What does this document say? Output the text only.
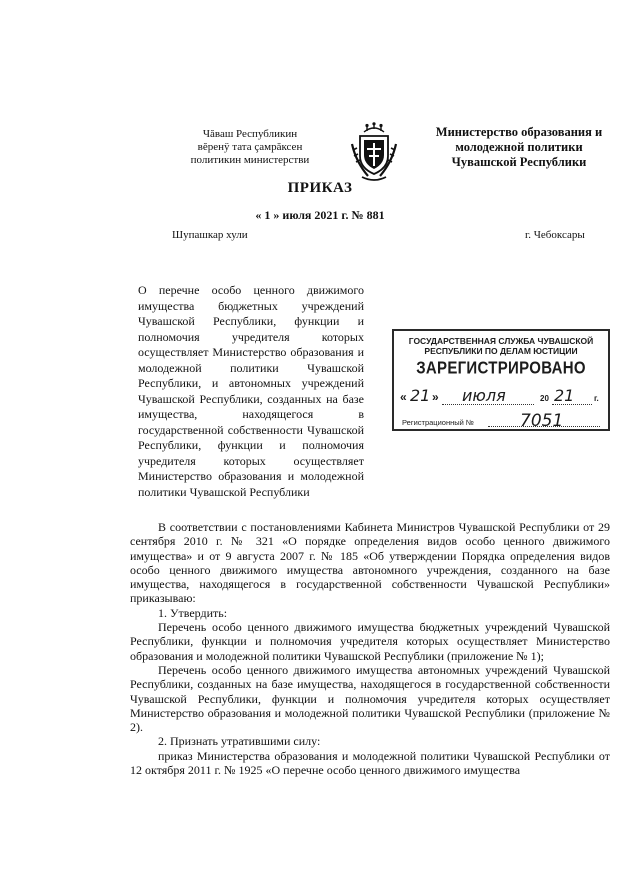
Чăваш Республикин
вĕренÿ тата çамрăксен
политикин министерстви
Министерство образования и
молодежной политики
Чувашской Республики
ПРИКАЗ
« 1 » июля 2021 г. № 881
Шупашкар хули	г. Чебоксары
О перечне особо ценного движимого имущества бюджетных учреждений Чувашской Республики, функции и полномочия учредителя которых осуществляет Министерство образования и молодежной политики Чувашской Республики, и автономных учреждений Чувашской Республики, созданных на базе имущества, находящегося в государственной собственности Чувашской Республики, функции и полномочия учредителя которых осуществляет Министерство образования и молодежной политики Чувашской Республики
ГОСУДАРСТВЕННАЯ СЛУЖБА ЧУВАШСКОЙ
РЕСПУБЛИКИ ПО ДЕЛАМ ЮСТИЦИИ
ЗАРЕГИСТРИРОВАНО
« 21 » июля	20 21 г.
Регистрационный №	7051

В соответствии с постановлениями Кабинета Министров Чувашской Республики от 29 сентября 2010 г. № 321 «О порядке определения видов особо ценного движимого имущества» и от 9 августа 2007 г. № 185 «Об утверждении Порядка определения видов особо ценного движимого имущества автономного учреждения, созданного на базе имущества, находящегося в государственной собственности Чувашской Республики» приказываю:

1. Утвердить:

Перечень особо ценного движимого имущества бюджетных учреждений Чувашской Республики, функции и полномочия учредителя которых осуществляет Министерство образования и молодежной политики Чувашской Республики (приложение № 1);

Перечень особо ценного движимого имущества автономных учреждений Чувашской Республики, созданных на базе имущества, находящегося в государственной собственности Чувашской Республики, функции и полномочия учредителя которых осуществляет Министерство образования и молодежной политики Чувашской Республики (приложение № 2).

2. Признать утратившими силу:

приказ Министерства образования и молодежной политики Чувашской Республики от 12 октября 2011 г. № 1925 «О перечне особо ценного движимого имущества
